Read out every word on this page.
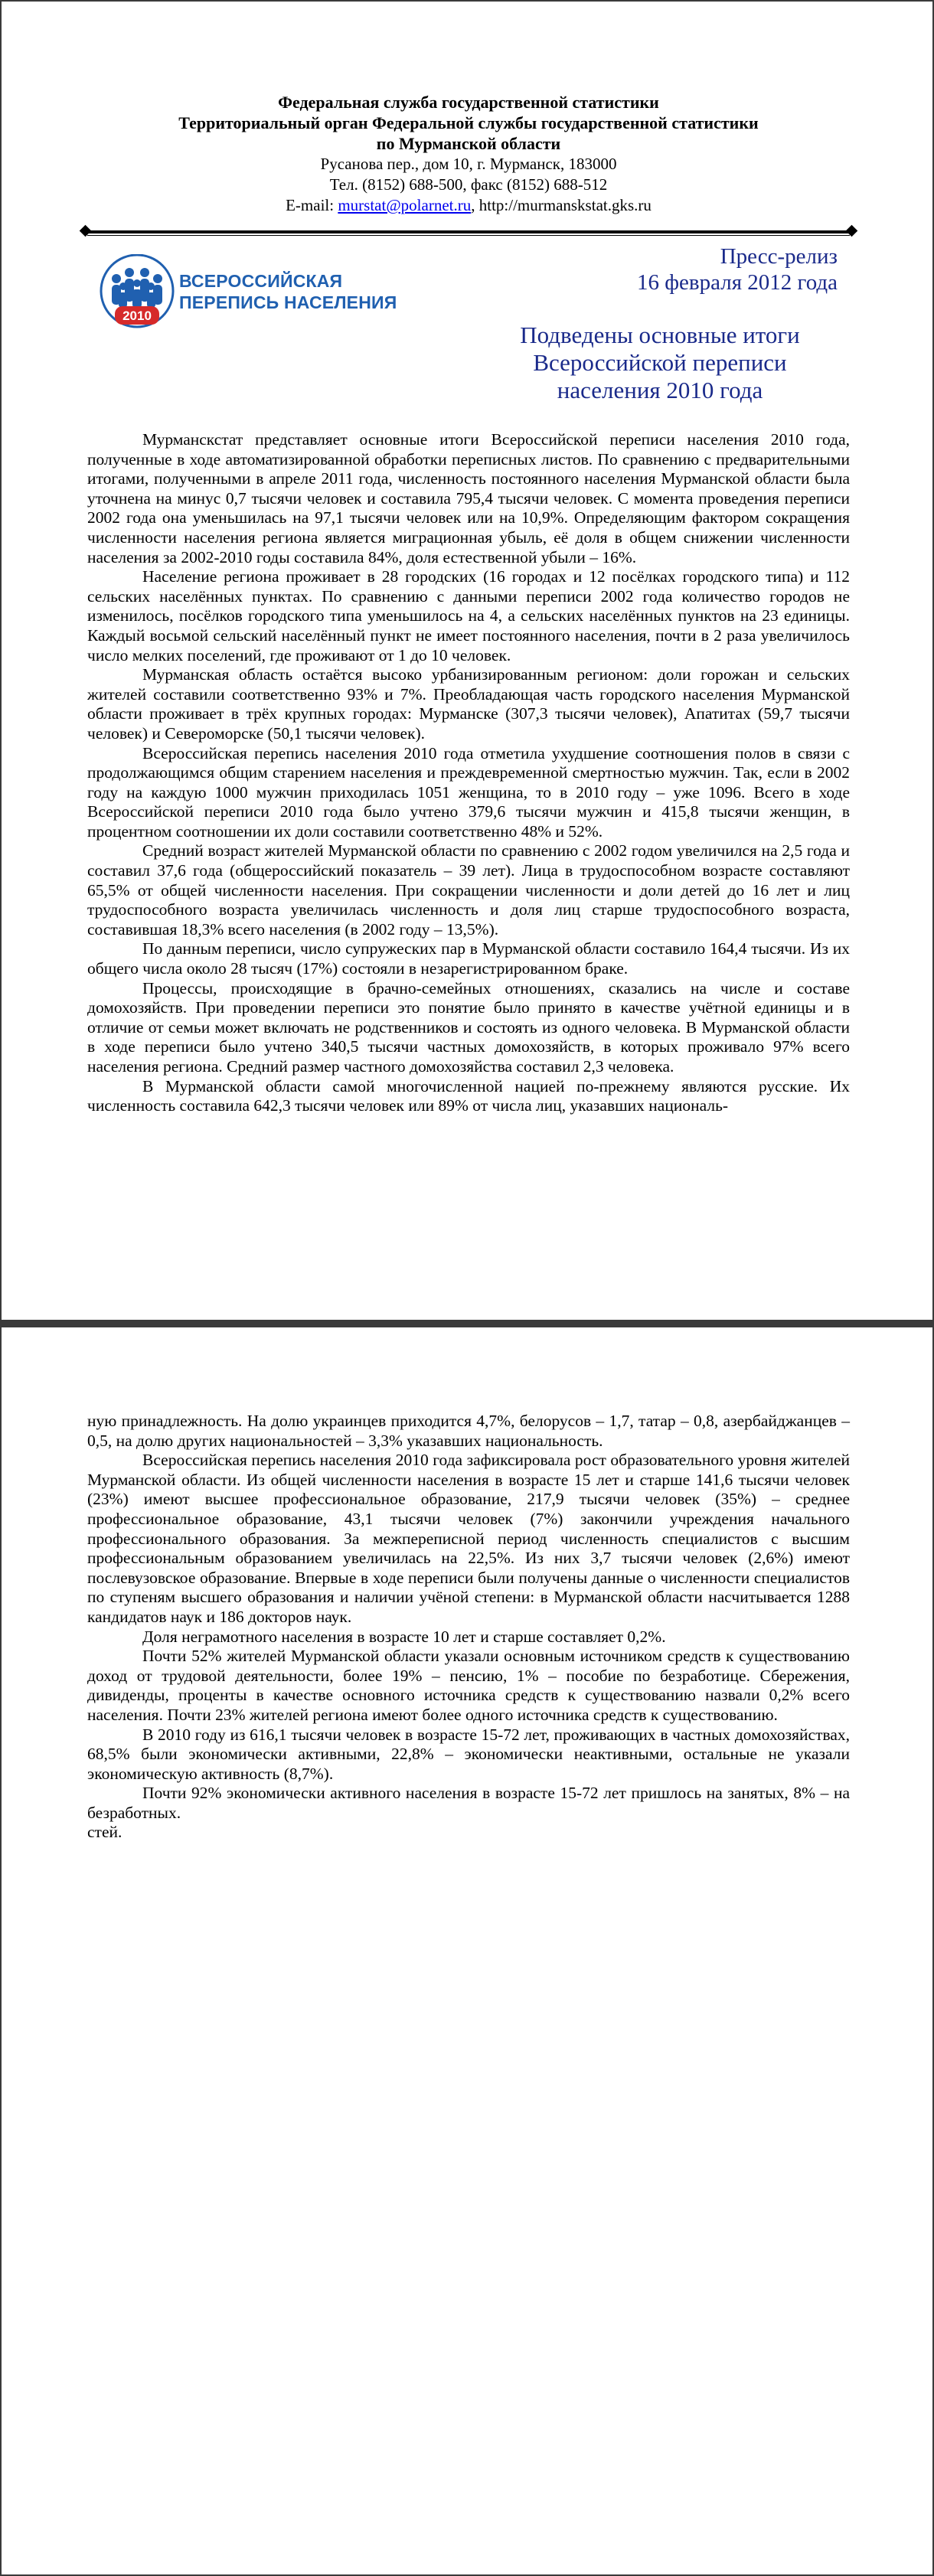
Федеральная служба государственной статистики
Территориальный орган Федеральной службы государственной статистики
по Мурманской области
Русанова пер., дом 10, г. Мурманск, 183000
Тел. (8152) 688-500, факс (8152) 688-512
E-mail: murstat@polarnet.ru, http://murmanskstat.gks.ru
2010
ВСЕРОССИЙСКАЯ
ПЕРЕПИСЬ НАСЕЛЕНИЯ
Пресс-релиз
16 февраля 2012 года
Подведены основные итоги
Всероссийской переписи
населения 2010 года

Мурманскстат представляет основные итоги Всероссийской переписи населения 2010 года, полученные в ходе автоматизированной обработки переписных листов. По сравнению с предварительными итогами, полученными в апреле 2011 года, численность постоянного населения Мурманской области была уточнена на минус 0,7 тысячи человек и составила 795,4 тысячи человек. С момента проведения переписи 2002 года она уменьшилась на 97,1 тысячи человек или на 10,9%. Определяющим фактором сокращения численности населения региона является миграционная убыль, её доля в общем снижении численности населения за 2002-2010 годы составила 84%, доля естественной убыли – 16%.

Население региона проживает в 28 городских (16 городах и 12 посёлках городского типа) и 112 сельских населённых пунктах. По сравнению с данными переписи 2002 года количество городов не изменилось, посёлков городского типа уменьшилось на 4, а сельских населённых пунктов на 23 единицы. Каждый восьмой сельский населённый пункт не имеет постоянного населения, почти в 2 раза увеличилось число мелких поселений, где проживают от 1 до 10 человек.

Мурманская область остаётся высоко урбанизированным регионом: доли горожан и сельских жителей составили соответственно 93% и 7%. Преобладающая часть городского населения Мурманской области проживает в трёх крупных городах: Мурманске (307,3 тысячи человек), Апатитах (59,7 тысячи человек) и Североморске (50,1 тысячи человек).

Всероссийская перепись населения 2010 года отметила ухудшение соотношения полов в связи с продолжающимся общим старением населения и преждевременной смертностью мужчин. Так, если в 2002 году на каждую 1000 мужчин приходилась 1051 женщина, то в 2010 году – уже 1096. Всего в ходе Всероссийской переписи 2010 года было учтено 379,6 тысячи мужчин и 415,8 тысячи женщин, в процентном соотношении их доли составили соответственно 48% и 52%.

Средний возраст жителей Мурманской области по сравнению с 2002 годом увеличился на 2,5 года и составил 37,6 года (общероссийский показатель – 39 лет). Лица в трудоспособном возрасте составляют 65,5% от общей численности населения. При сокращении численности и доли детей до 16 лет и лиц трудоспособного возраста увеличилась численность и доля лиц старше трудоспособного возраста, составившая 18,3% всего населения (в 2002 году – 13,5%).

По данным переписи, число супружеских пар в Мурманской области составило 164,4 тысячи. Из их общего числа около 28 тысяч (17%) состояли в незарегистрированном браке.

Процессы, происходящие в брачно-семейных отношениях, сказались на числе и составе домохозяйств. При проведении переписи это понятие было принято в качестве учётной единицы и в отличие от семьи может включать не родственников и состоять из одного человека. В Мурманской области в ходе переписи было учтено 340,5 тысячи частных домохозяйств, в которых проживало 97% всего населения региона. Средний размер частного домохозяйства составил 2,3 человека.

В Мурманской области самой многочисленной нацией по-прежнему являются русские. Их численность составила 642,3 тысячи человек или 89% от числа лиц, указавших националь-

ную принадлежность. На долю украинцев приходится 4,7%, белорусов – 1,7, татар – 0,8, азербайджанцев – 0,5, на долю других национальностей – 3,3% указавших национальность.

Всероссийская перепись населения 2010 года зафиксировала рост образовательного уровня жителей Мурманской области. Из общей численности населения в возрасте 15 лет и старше 141,6 тысячи человек (23%) имеют высшее профессиональное образование, 217,9 тысячи человек (35%) – среднее профессиональное образование, 43,1 тысячи человек (7%) закончили учреждения начального профессионального образования. За межпереписной период численность специалистов с высшим профессиональным образованием увеличилась на 22,5%. Из них 3,7 тысячи человек (2,6%) имеют послевузовское образование. Впервые в ходе переписи были получены данные о численности специалистов по ступеням высшего образования и наличии учёной степени: в Мурманской области насчитывается 1288 кандидатов наук и 186 докторов наук.

Доля неграмотного населения в возрасте 10 лет и старше составляет 0,2%.

Почти 52% жителей Мурманской области указали основным источником средств к существованию доход от трудовой деятельности, более 19% – пенсию, 1% – пособие по безработице. Сбережения, дивиденды, проценты в качестве основного источника средств к существованию назвали 0,2% всего населения. Почти 23% жителей региона имеют более одного источника средств к существованию.

В 2010 году из 616,1 тысячи человек в возрасте 15-72 лет, проживающих в частных домохозяйствах, 68,5% были экономически активными, 22,8% – экономически неактивными, остальные не указали экономическую активность (8,7%).

Почти 92% экономически активного населения в возрасте 15-72 лет пришлось на занятых, 8% – на безработных.

стей.
